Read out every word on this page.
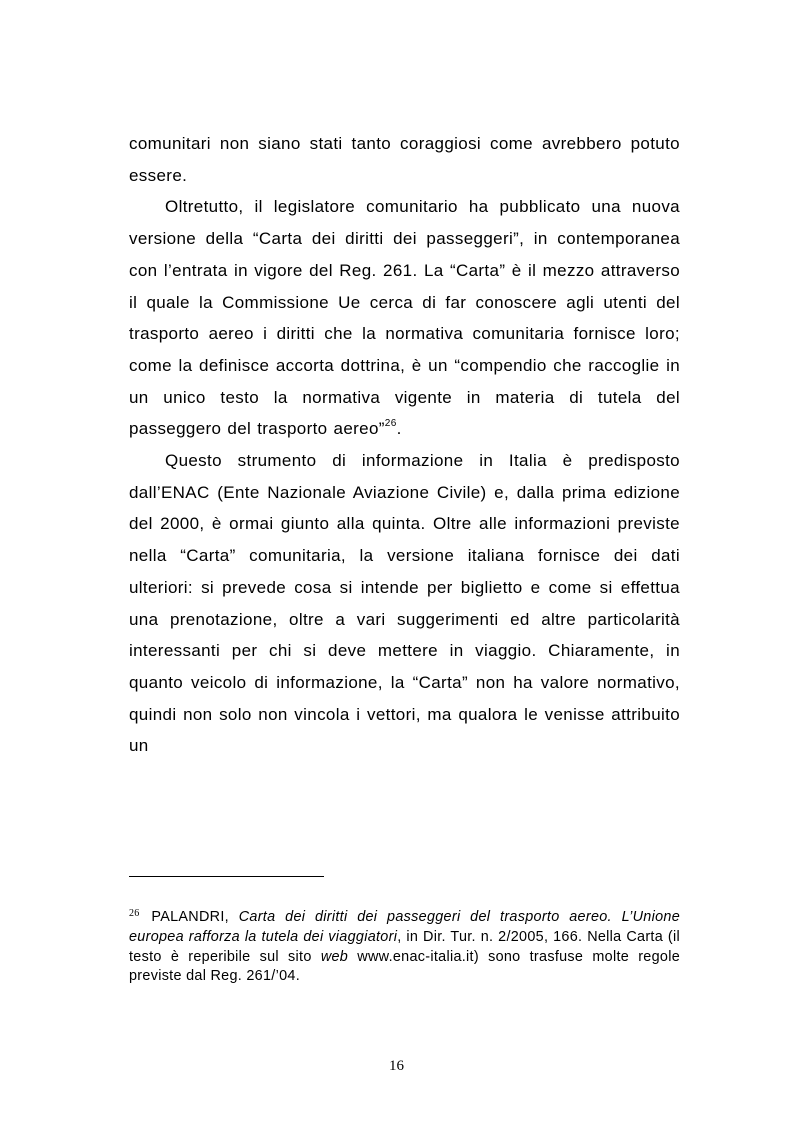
comunitari non siano stati tanto coraggiosi come avrebbero potuto essere.

Oltretutto, il legislatore comunitario ha pubblicato una nuova versione della “Carta dei diritti dei passeggeri”, in contemporanea con l’entrata in vigore del Reg. 261. La “Carta” è il mezzo attraverso il quale la Commissione Ue cerca di far conoscere agli utenti del trasporto aereo i diritti che la normativa comunitaria fornisce loro; come la definisce accorta dottrina, è un “compendio che raccoglie in un unico testo la normativa vigente in materia di tutela del passeggero del trasporto aereo”$^{26}$.

Questo strumento di informazione in Italia è predisposto dall’ENAC (Ente Nazionale Aviazione Civile) e, dalla prima edizione del 2000, è ormai giunto alla quinta. Oltre alle informazioni previste nella “Carta” comunitaria, la versione italiana fornisce dei dati ulteriori: si prevede cosa si intende per biglietto e come si effettua una prenotazione, oltre a vari suggerimenti ed altre particolarità interessanti per chi si deve mettere in viaggio. Chiaramente, in quanto veicolo di informazione, la “Carta” non ha valore normativo, quindi non solo non vincola i vettori, ma qualora le venisse attribuito un

$^{26}$ PALANDRI, Carta dei diritti dei passeggeri del trasporto aereo. L’Unione europea rafforza la tutela dei viaggiatori, in Dir. Tur. n. 2/2005, 166. Nella Carta (il testo è reperibile sul sito web www.enac-italia.it) sono trasfuse molte regole previste dal Reg. 261/’04.

16
